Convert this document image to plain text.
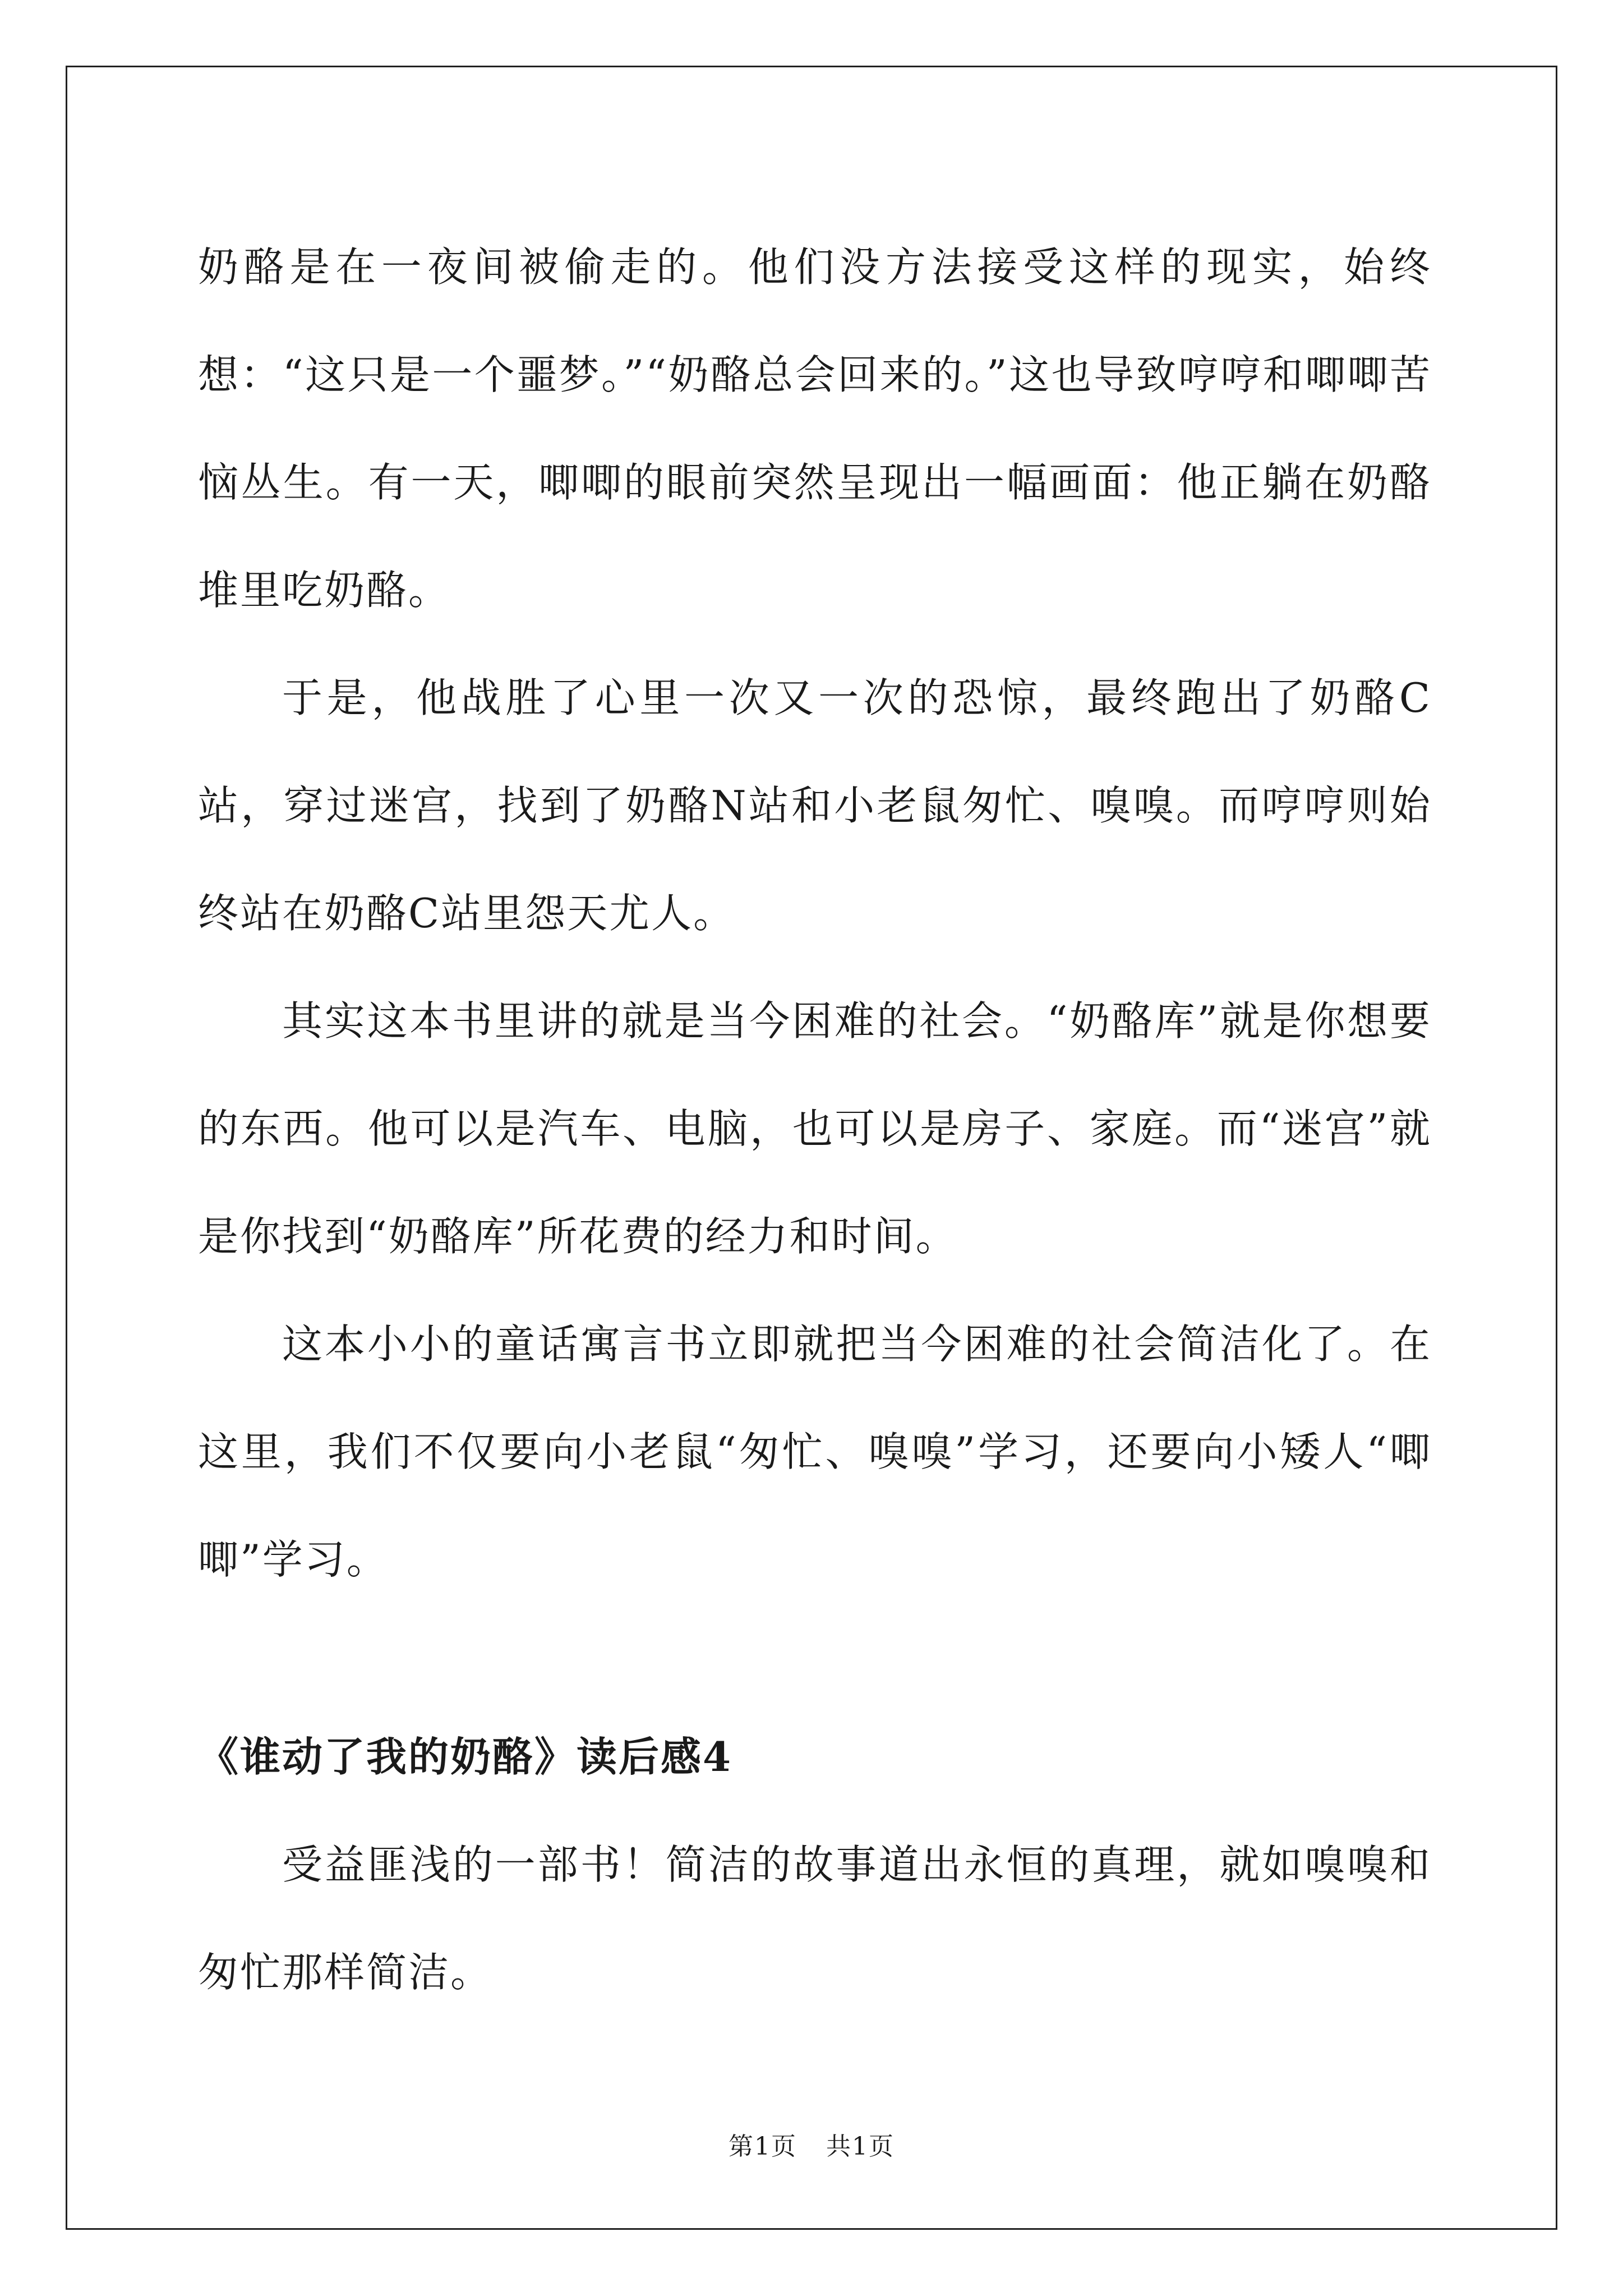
奶酪是在一夜间被偷走的。他们没方法接受这样的现实，始终想：“这只是一个噩梦。”“奶酪总会回来的。”这也导致哼哼和唧唧苦恼丛生。有一天，唧唧的眼前突然呈现出一幅画面：他正躺在奶酪堆里吃奶酪。

于是，他战胜了心里一次又一次的恐惊，最终跑出了奶酪C站，穿过迷宫，找到了奶酪N站和小老鼠匆忙、嗅嗅。而哼哼则始终站在奶酪C站里怨天尤人。

其实这本书里讲的就是当今困难的社会。“奶酪库”就是你想要的东西。他可以是汽车、电脑，也可以是房子、家庭。而“迷宫”就是你找到“奶酪库”所花费的经力和时间。

这本小小的童话寓言书立即就把当今困难的社会简洁化了。在这里，我们不仅要向小老鼠“匆忙、嗅嗅”学习，还要向小矮人“唧唧”学习。

《谁动了我的奶酪》读后感4

受益匪浅的一部书！简洁的故事道出永恒的真理，就如嗅嗅和匆忙那样简洁。

第1页 共1页
